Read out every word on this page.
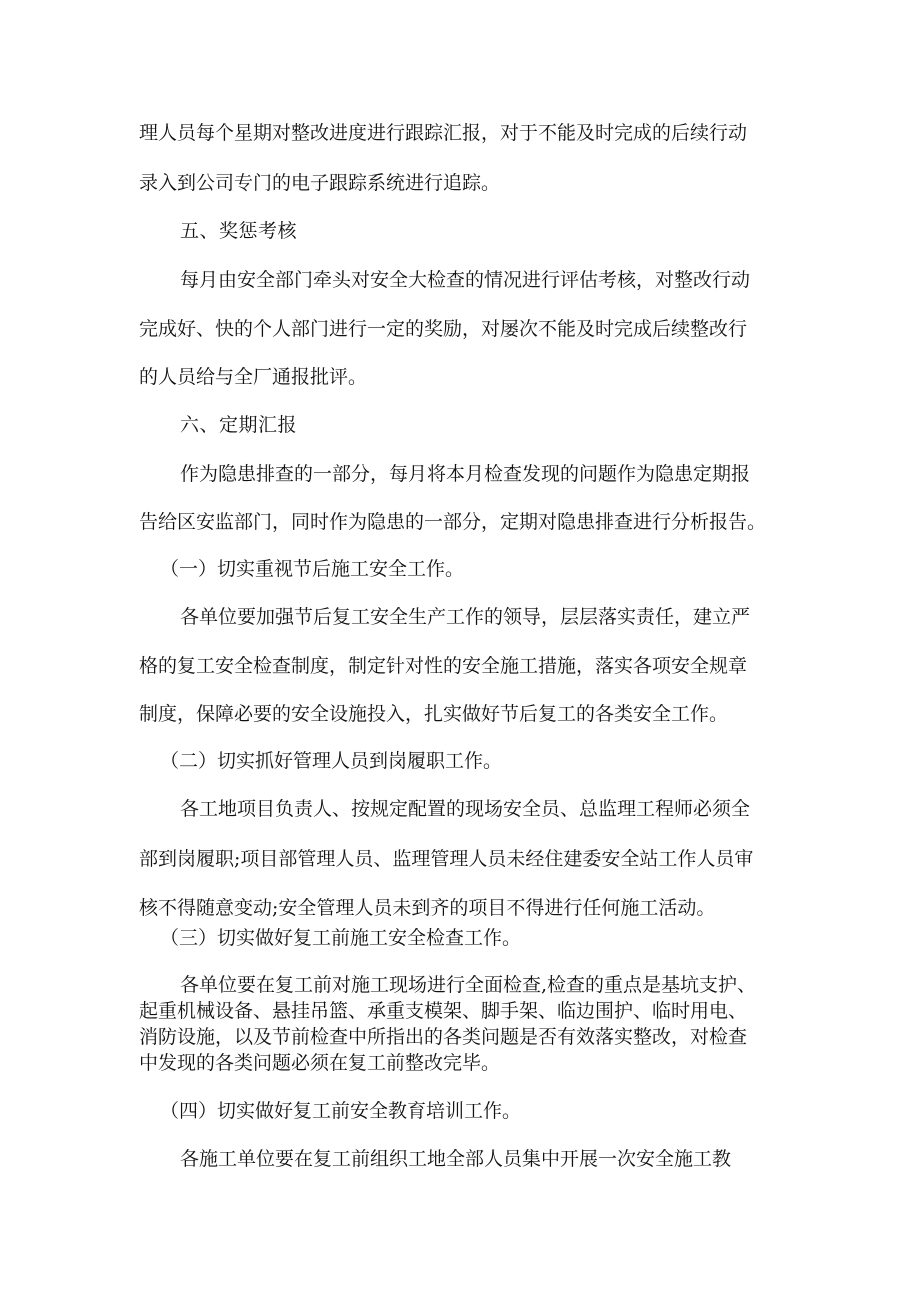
理人员每个星期对整改进度进行跟踪汇报，对于不能及时完成的后续行动
录入到公司专门的电子跟踪系统进行追踪。
五、奖惩考核
每月由安全部门牵头对安全大检查的情况进行评估考核，对整改行动
完成好、快的个人部门进行一定的奖励，对屡次不能及时完成后续整改行
的人员给与全厂通报批评。
六、定期汇报
作为隐患排查的一部分，每月将本月检查发现的问题作为隐患定期报
告给区安监部门，同时作为隐患的一部分，定期对隐患排查进行分析报告。
（一）切实重视节后施工安全工作。
各单位要加强节后复工安全生产工作的领导，层层落实责任，建立严
格的复工安全检查制度，制定针对性的安全施工措施，落实各项安全规章
制度，保障必要的安全设施投入，扎实做好节后复工的各类安全工作。
（二）切实抓好管理人员到岗履职工作。
各工地项目负责人、按规定配置的现场安全员、总监理工程师必须全
部到岗履职;项目部管理人员、监理管理人员未经住建委安全站工作人员审
核不得随意变动;安全管理人员未到齐的项目不得进行任何施工活动。
（三）切实做好复工前施工安全检查工作。
各单位要在复工前对施工现场进行全面检查,检查的重点是基坑支护、
起重机械设备、悬挂吊篮、承重支模架、脚手架、临边围护、临时用电、
消防设施，以及节前检查中所指出的各类问题是否有效落实整改，对检查
中发现的各类问题必须在复工前整改完毕。
（四）切实做好复工前安全教育培训工作。
各施工单位要在复工前组织工地全部人员集中开展一次安全施工教
